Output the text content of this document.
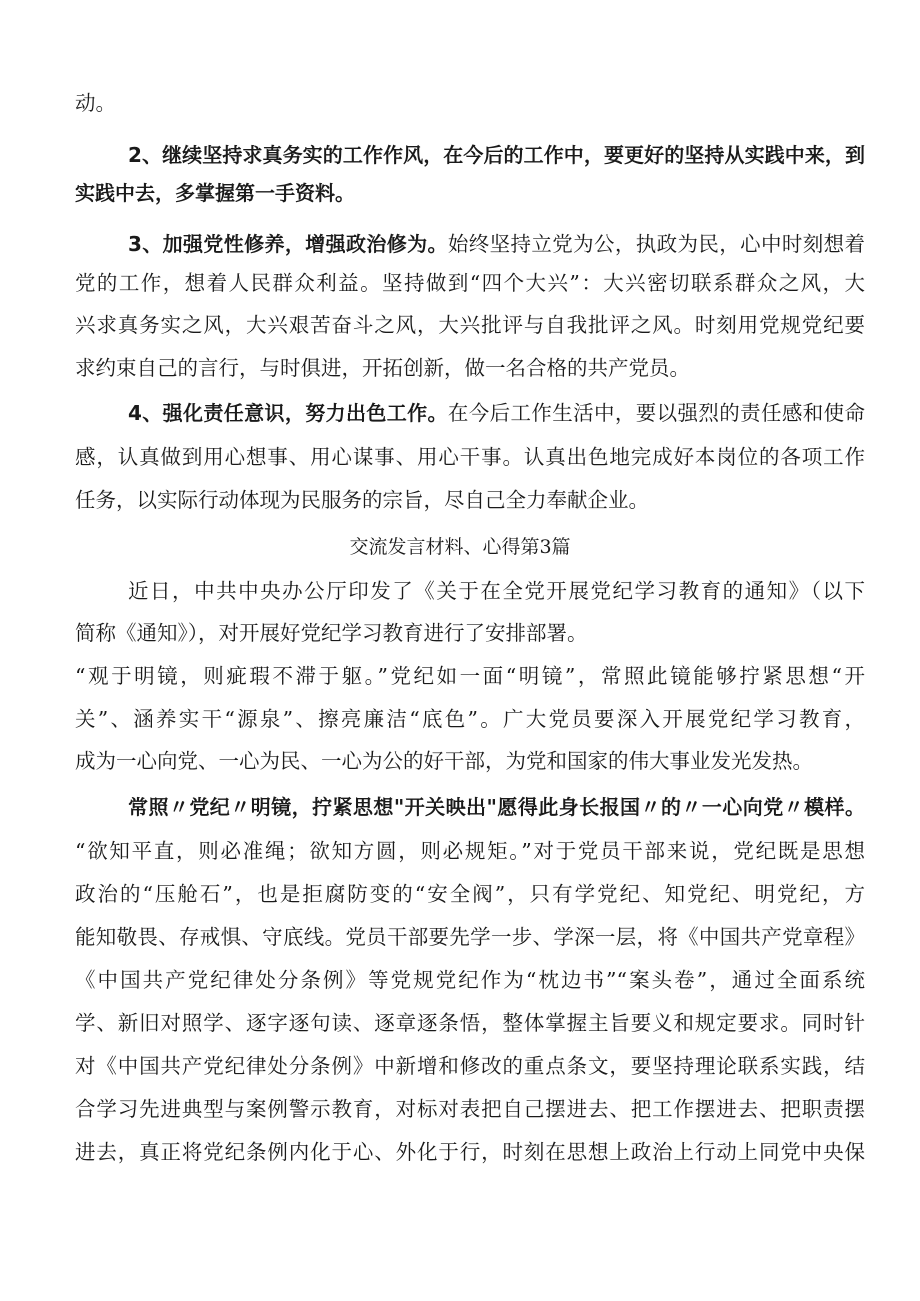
动。
2、继续坚持求真务实的工作作风，在今后的工作中，要更好的坚持从实践中来，到
实践中去，多掌握第一手资料。
3、加强党性修养，增强政治修为。始终坚持立党为公，执政为民，心中时刻想着
党的工作，想着人民群众利益。坚持做到“四个大兴”：大兴密切联系群众之风，大
兴求真务实之风，大兴艰苦奋斗之风，大兴批评与自我批评之风。时刻用党规党纪要
求约束自己的言行，与时俱进，开拓创新，做一名合格的共产党员。
4、强化责任意识，努力出色工作。在今后工作生活中，要以强烈的责任感和使命
感，认真做到用心想事、用心谋事、用心干事。认真出色地完成好本岗位的各项工作
任务，以实际行动体现为民服务的宗旨，尽自己全力奉献企业。
交流发言材料、心得第3篇
近日，中共中央办公厅印发了《关于在全党开展党纪学习教育的通知》（以下
简称《通知》），对开展好党纪学习教育进行了安排部署。
“观于明镜，则疵瑕不滞于躯。”党纪如一面“明镜”，常照此镜能够拧紧思想“开
关”、涵养实干“源泉”、擦亮廉洁“底色”。广大党员要深入开展党纪学习教育，
成为一心向党、一心为民、一心为公的好干部，为党和国家的伟大事业发光发热。
常照〃党纪〃明镜，拧紧思想"开关映出"愿得此身长报国〃的〃一心向党〃模样。
“欲知平直，则必准绳；欲知方圆，则必规矩。”对于党员干部来说，党纪既是思想
政治的“压舱石”，也是拒腐防变的“安全阀”，只有学党纪、知党纪、明党纪，方
能知敬畏、存戒惧、守底线。党员干部要先学一步、学深一层，将《中国共产党章程》
《中国共产党纪律处分条例》等党规党纪作为“枕边书”“案头卷”，通过全面系统
学、新旧对照学、逐字逐句读、逐章逐条悟，整体掌握主旨要义和规定要求。同时针
对《中国共产党纪律处分条例》中新增和修改的重点条文，要坚持理论联系实践，结
合学习先进典型与案例警示教育，对标对表把自己摆进去、把工作摆进去、把职责摆
进去，真正将党纪条例内化于心、外化于行，时刻在思想上政治上行动上同党中央保
